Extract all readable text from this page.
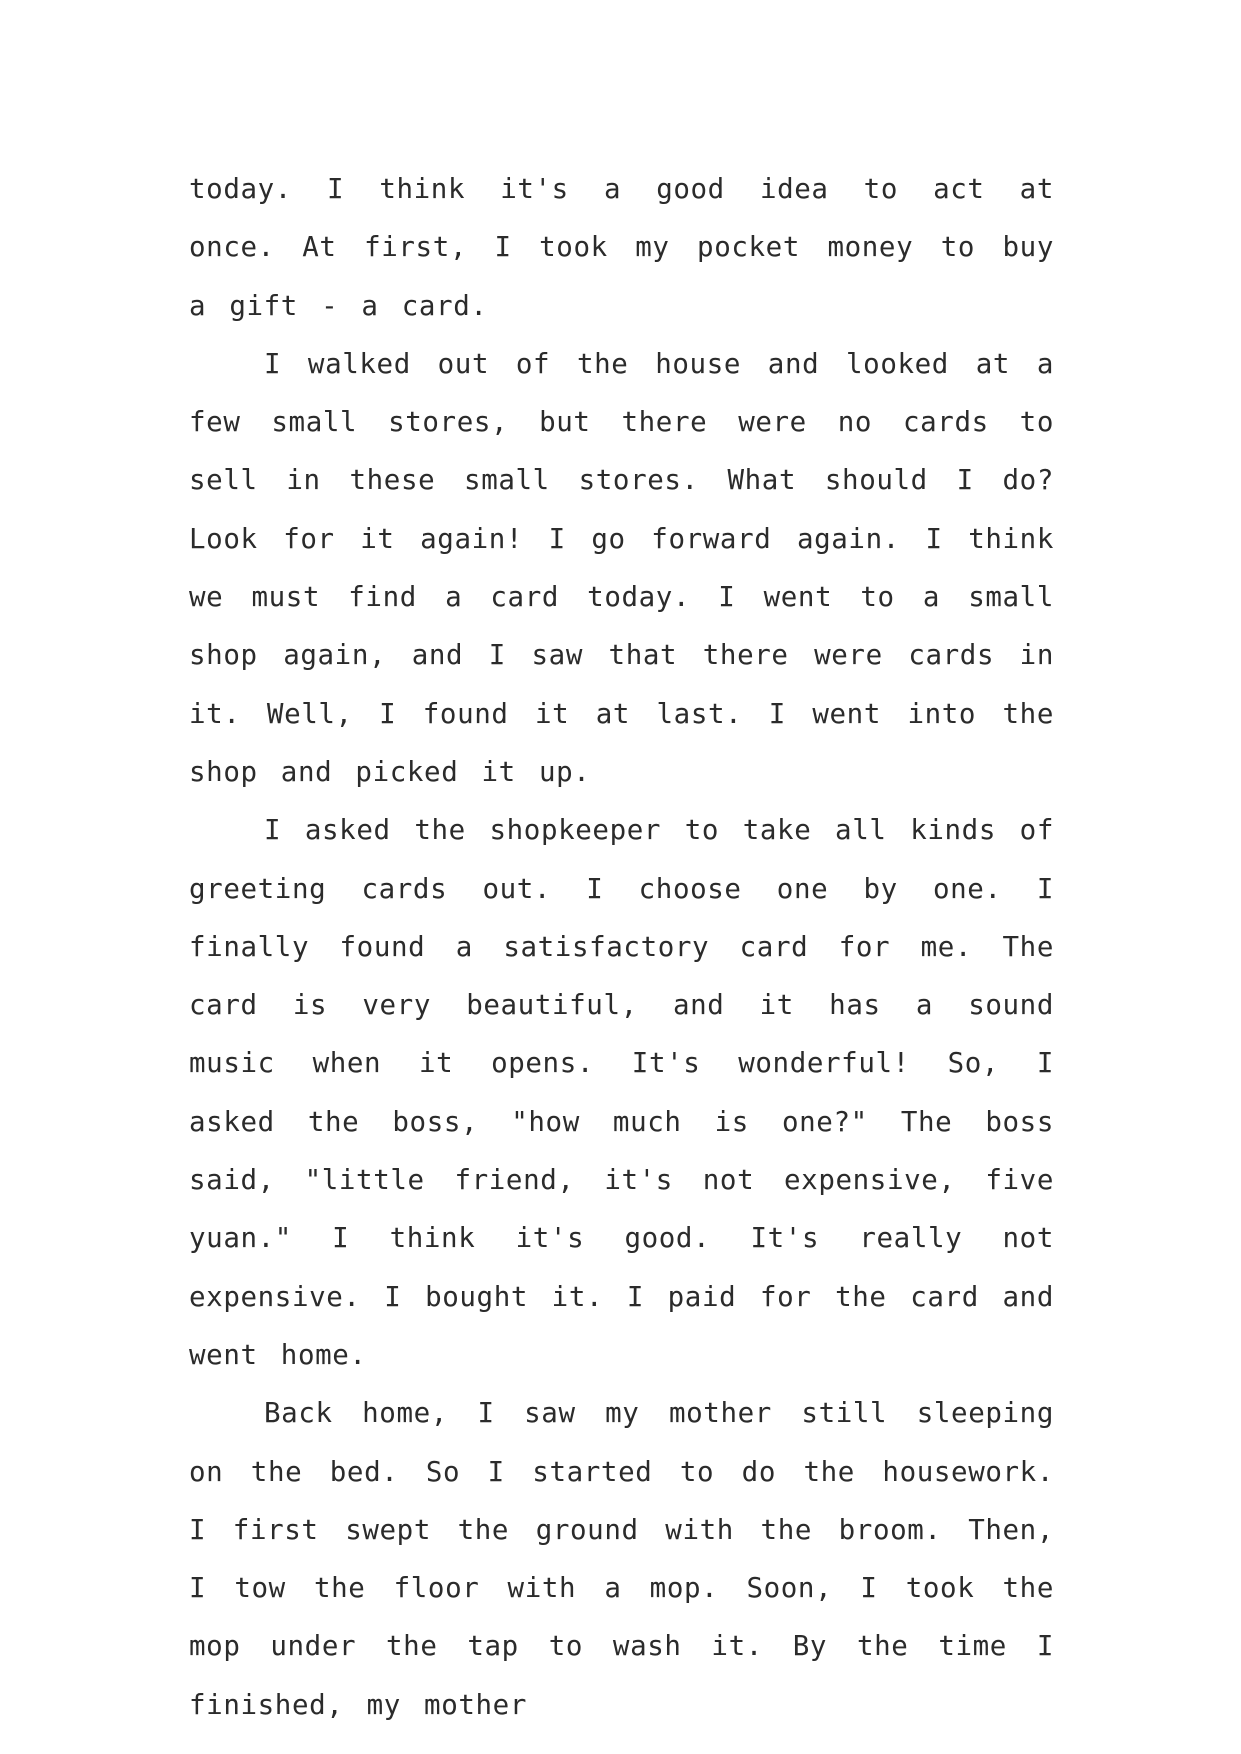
today. I think it's a good idea to act at once. At first, I took my pocket money to buy a gift - a card.

I walked out of the house and looked at a few small stores, but there were no cards to sell in these small stores. What should I do? Look for it again! I go forward again. I think we must find a card today. I went to a small shop again, and I saw that there were cards in it. Well, I found it at last. I went into the shop and picked it up.

I asked the shopkeeper to take all kinds of greeting cards out. I choose one by one. I finally found a satisfactory card for me. The card is very beautiful, and it has a sound music when it opens. It's wonderful! So, I asked the boss, "how much is one?" The boss said, "little friend, it's not expensive, five yuan." I think it's good. It's really not expensive. I bought it. I paid for the card and went home.

Back home, I saw my mother still sleeping on the bed. So I started to do the housework. I first swept the ground with the broom. Then, I tow the floor with a mop. Soon, I took the mop under the tap to wash it. By the time I finished, my mother
